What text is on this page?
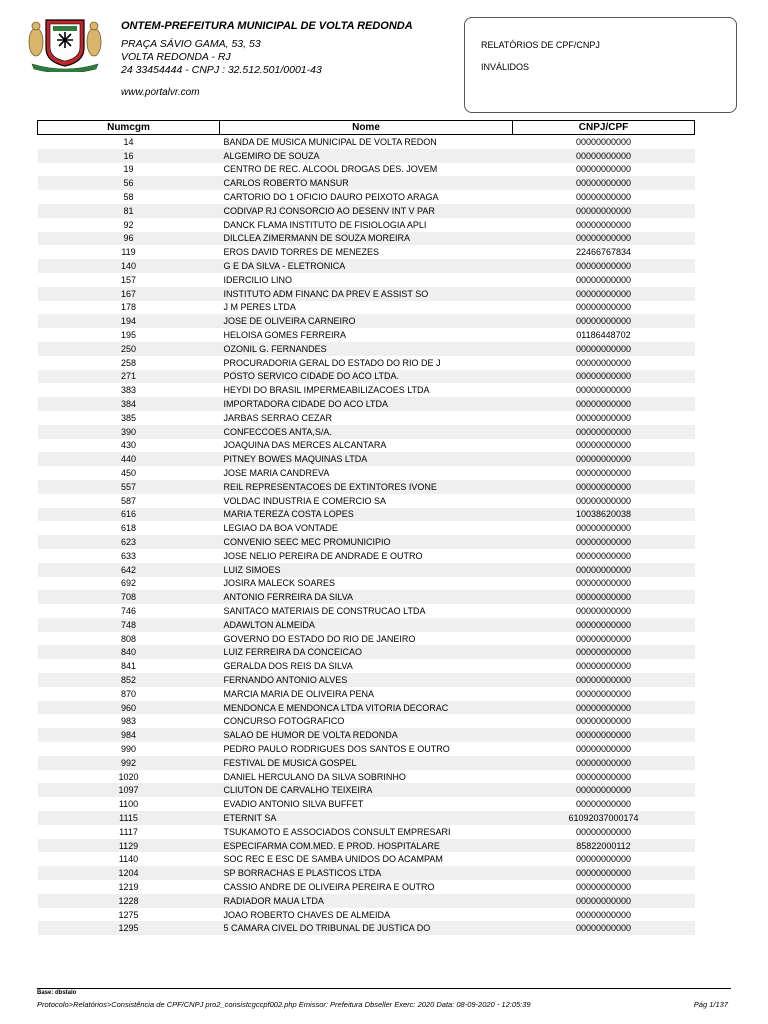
ONTEM-PREFEITURA MUNICIPAL DE VOLTA REDONDA
PRAÇA SÁVIO GAMA, 53, 53
VOLTA REDONDA - RJ
24 33454444 - CNPJ : 32.512.501/0001-43
www.portalvr.com
RELATÓRIOS DE CPF/CNPJ
INVÁLIDOS
Numcgm	Nome	CNPJ/CPF
14	BANDA DE MUSICA MUNICIPAL DE VOLTA REDON	00000000000
16	ALGEMIRO DE SOUZA	00000000000
19	CENTRO DE REC. ALCOOL DROGAS DES. JOVEM	00000000000
56	CARLOS ROBERTO MANSUR	00000000000
58	CARTORIO DO 1 OFICIO DAURO PEIXOTO ARAGA	00000000000
81	CODIVAP RJ CONSORCIO AO DESENV INT V PAR	00000000000
92	DANCK FLAMA INSTITUTO DE FISIOLOGIA APLI	00000000000
96	DILCLEA ZIMERMANN DE SOUZA MOREIRA	00000000000
119	EROS DAVID TORRES DE MENEZES	22466767834
140	G E DA SILVA - ELETRONICA	00000000000
157	IDERCILIO LINO	00000000000
167	INSTITUTO ADM FINANC DA PREV E ASSIST SO	00000000000
178	J M PERES LTDA	00000000000
194	JOSE DE OLIVEIRA CARNEIRO	00000000000
195	HELOISA GOMES FERREIRA	01186448702
250	OZONIL G. FERNANDES	00000000000
258	PROCURADORIA GERAL DO ESTADO DO RIO DE J	00000000000
271	POSTO SERVICO CIDADE DO ACO LTDA.	00000000000
383	HEYDI DO BRASIL IMPERMEABILIZACOES LTDA	00000000000
384	IMPORTADORA CIDADE DO ACO LTDA	00000000000
385	JARBAS SERRAO CEZAR	00000000000
390	CONFECCOES ANTA,S/A.	00000000000
430	JOAQUINA DAS MERCES ALCANTARA	00000000000
440	PITNEY BOWES MAQUINAS LTDA	00000000000
450	JOSE MARIA CANDREVA	00000000000
557	REIL REPRESENTACOES DE EXTINTORES IVONE	00000000000
587	VOLDAC INDUSTRIA E COMERCIO SA	00000000000
616	MARIA TEREZA COSTA LOPES	10038620038
618	LEGIAO DA BOA VONTADE	00000000000
623	CONVENIO SEEC MEC PROMUNICIPIO	00000000000
633	JOSE NELIO PEREIRA DE ANDRADE E OUTRO	00000000000
642	LUIZ SIMOES	00000000000
692	JOSIRA MALECK SOARES	00000000000
708	ANTONIO FERREIRA DA SILVA	00000000000
746	SANITACO MATERIAIS DE CONSTRUCAO LTDA	00000000000
748	ADAWLTON ALMEIDA	00000000000
808	GOVERNO DO ESTADO DO RIO DE JANEIRO	00000000000
840	LUIZ FERREIRA DA CONCEICAO	00000000000
841	GERALDA DOS REIS DA SILVA	00000000000
852	FERNANDO ANTONIO ALVES	00000000000
870	MARCIA MARIA DE OLIVEIRA PENA	00000000000
960	MENDONCA E MENDONCA LTDA VITORIA DECORAC	00000000000
983	CONCURSO FOTOGRAFICO	00000000000
984	SALAO DE HUMOR DE VOLTA REDONDA	00000000000
990	PEDRO PAULO RODRIGUES DOS SANTOS E OUTRO	00000000000
992	FESTIVAL DE MUSICA GOSPEL	00000000000
1020	DANIEL HERCULANO DA SILVA SOBRINHO	00000000000
1097	CLIUTON DE CARVALHO TEIXEIRA	00000000000
1100	EVADIO ANTONIO SILVA BUFFET	00000000000
1115	ETERNIT SA	61092037000174
1117	TSUKAMOTO E ASSOCIADOS CONSULT EMPRESARI	00000000000
1129	ESPECIFARMA COM.MED. E PROD. HOSPITALARE	85822000112
1140	SOC REC E ESC DE SAMBA UNIDOS DO ACAMPAM	00000000000
1204	SP BORRACHAS E PLASTICOS LTDA	00000000000
1219	CASSIO ANDRE DE OLIVEIRA PEREIRA E OUTRO	00000000000
1228	RADIADOR MAUA LTDA	00000000000
1275	JOAO ROBERTO CHAVES DE ALMEIDA	00000000000
1295	5 CAMARA CIVEL DO TRIBUNAL DE JUSTICA DO	00000000000
Base: dbstalo
Protocolo>Relatórios>Consistência de CPF/CNPJ pro2_consistcgccpf002.php Emissor: Prefeitura Dbseller Exerc: 2020 Data: 08-09-2020 - 12:05:39	Pág 1/137
